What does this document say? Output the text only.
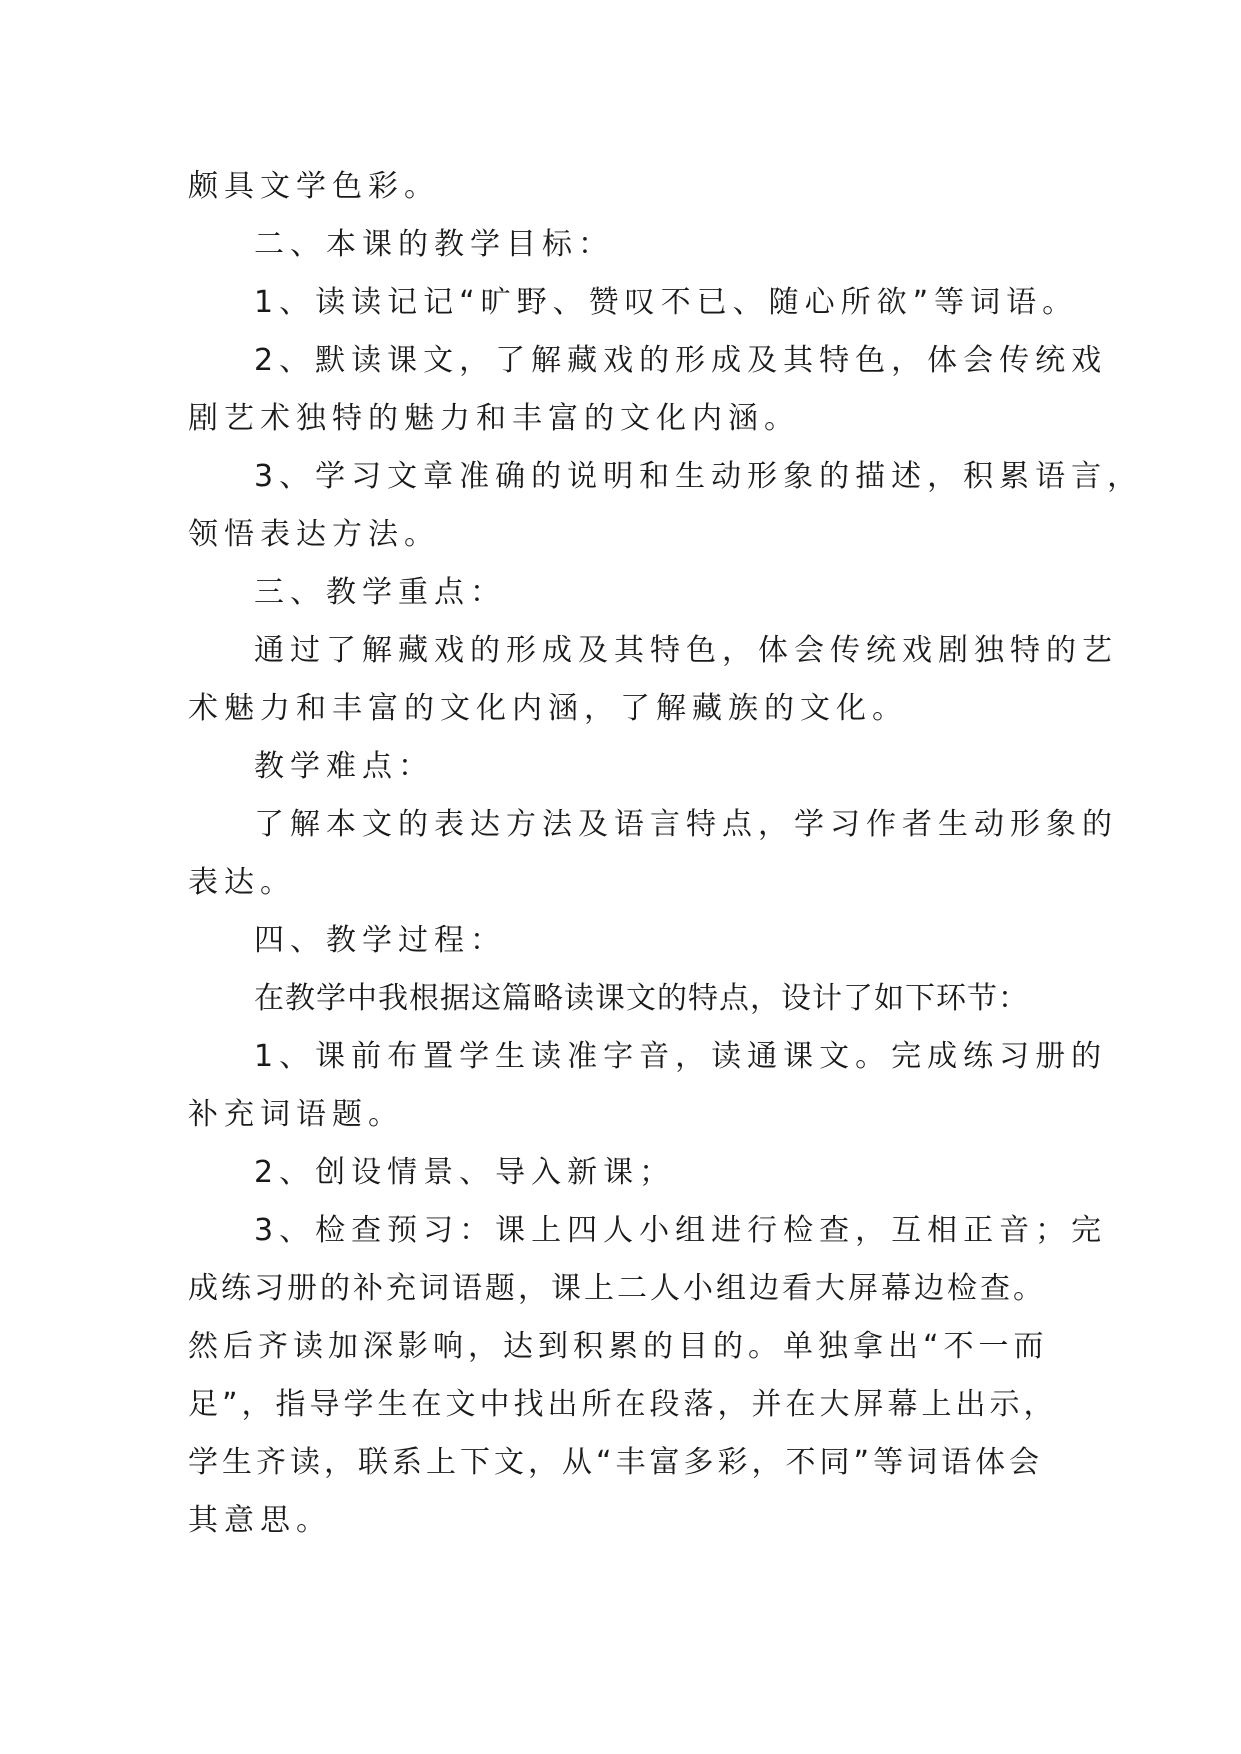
颇具文学色彩。
二、本课的教学目标：
1、读读记记“旷野、赞叹不已、随心所欲”等词语。
2、默读课文，了解藏戏的形成及其特色，体会传统戏
剧艺术独特的魅力和丰富的文化内涵。
3、学习文章准确的说明和生动形象的描述，积累语言，
领悟表达方法。
三、教学重点：
通过了解藏戏的形成及其特色，体会传统戏剧独特的艺
术魅力和丰富的文化内涵，了解藏族的文化。
教学难点：
了解本文的表达方法及语言特点，学习作者生动形象的
表达。
四、教学过程：
在教学中我根据这篇略读课文的特点，设计了如下环节：
1、课前布置学生读准字音，读通课文。完成练习册的
补充词语题。
2、创设情景、导入新课；
3、检查预习：课上四人小组进行检查，互相正音；完
成练习册的补充词语题，课上二人小组边看大屏幕边检查。
然后齐读加深影响，达到积累的目的。单独拿出“不一而
足”，指导学生在文中找出所在段落，并在大屏幕上出示，
学生齐读，联系上下文，从“丰富多彩，不同”等词语体会
其意思。
